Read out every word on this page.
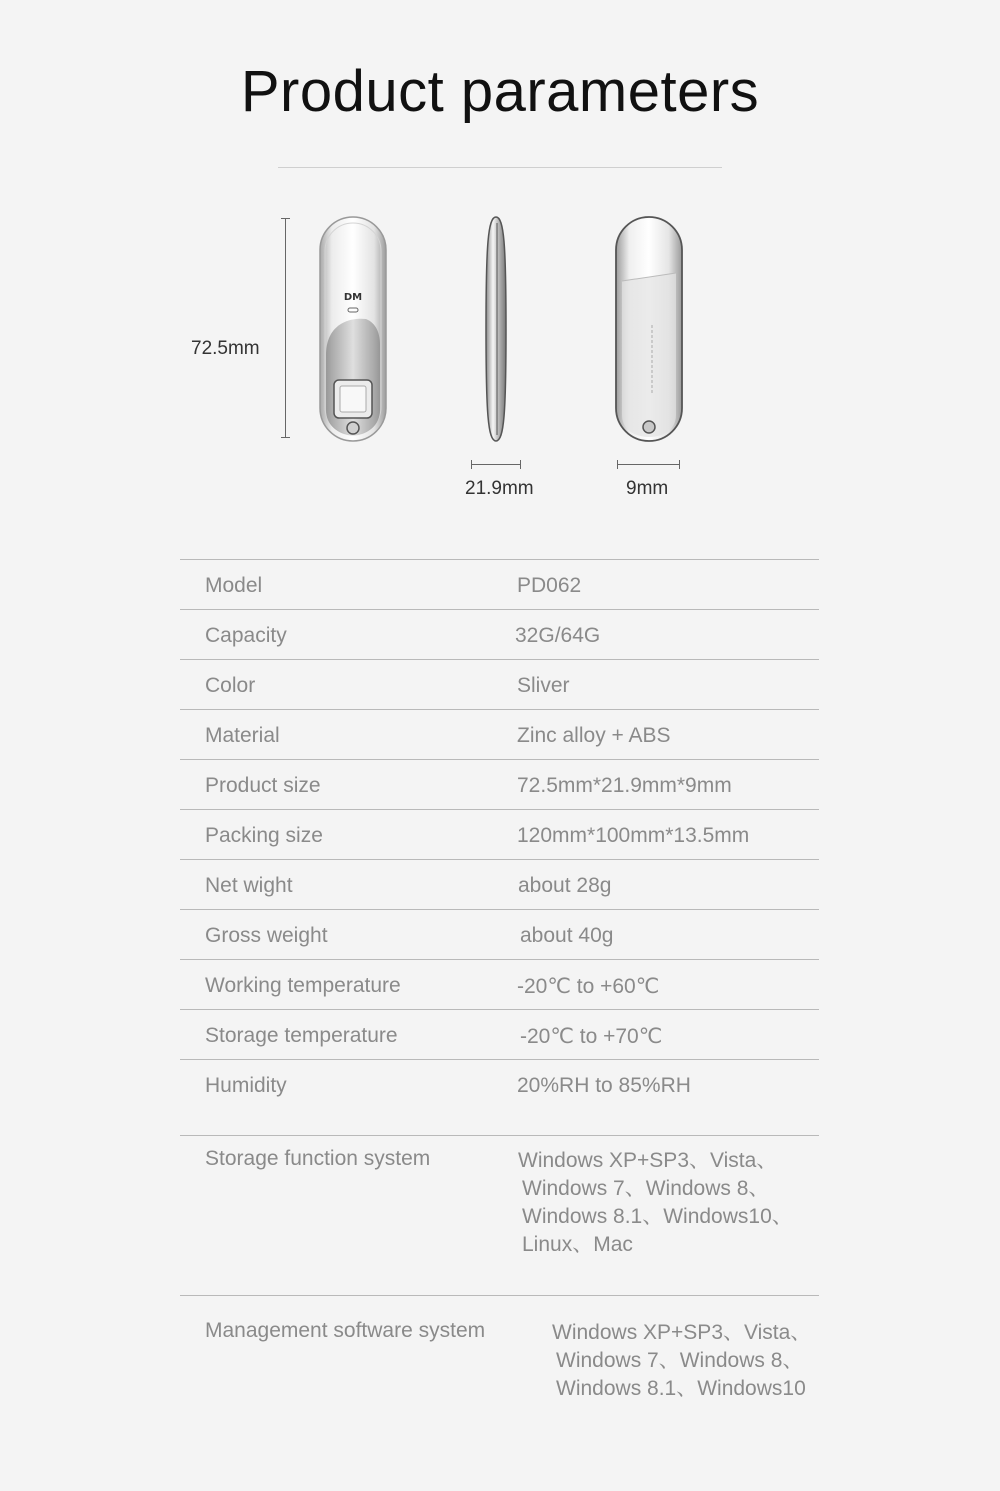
Product parameters
72.5mm
DM
21.9mm	9mm
Model	PD062
Capacity	32G/64G
Color	Sliver
Material	Zinc alloy + ABS
Product size	72.5mm*21.9mm*9mm
Packing size	120mm*100mm*13.5mm
Net wight	about 28g
Gross weight	about 40g
Working temperature	-20℃ to +60℃
Storage temperature	-20℃ to +70℃
Humidity	20%RH to 85%RH
Storage function system	Windows XP+SP3、Vista、
Windows 7、Windows 8、
Windows 8.1、Windows10、
Linux、Mac
Management software system	Windows XP+SP3、Vista、
Windows 7、Windows 8、
Windows 8.1、Windows10
